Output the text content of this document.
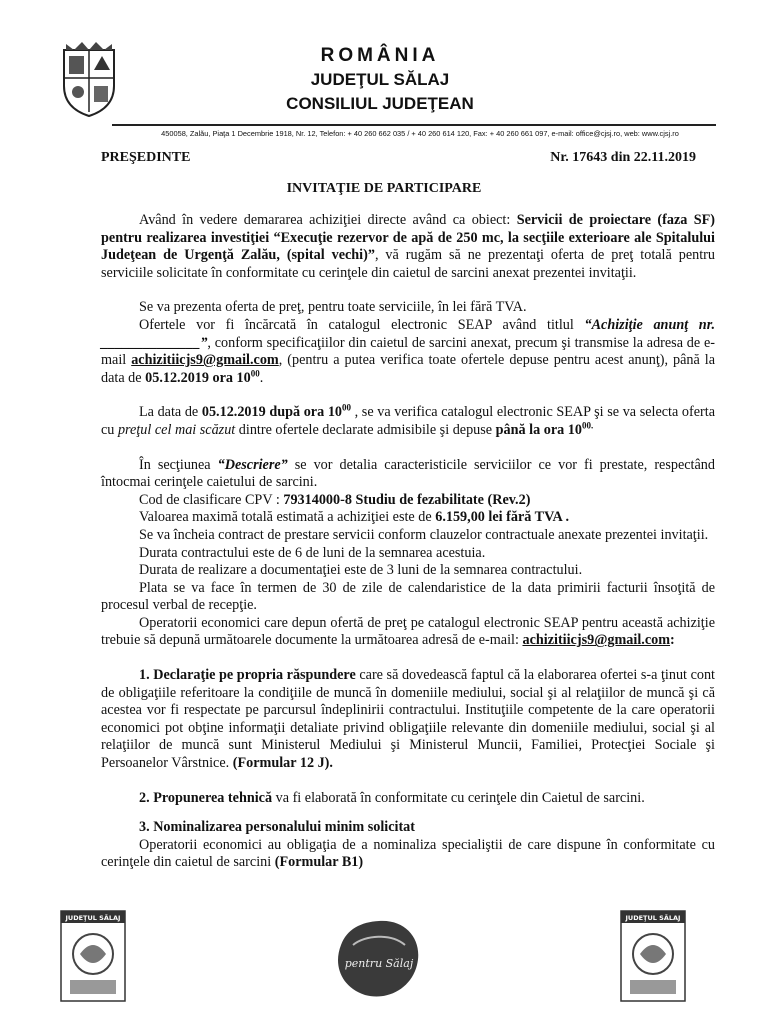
ROMÂNIA
JUDEŢUL SĂLAJ
CONSILIUL JUDEŢEAN
450058, Zalău, Piaţa 1 Decembrie 1918, Nr. 12, Telefon: + 40 260 662 035 / + 40 260 614 120, Fax: + 40 260 661 097, e-mail: office@cjsj.ro, web: www.cjsj.ro
PREŞEDINTE	Nr. 17643 din 22.11.2019
INVITAŢIE DE PARTICIPARE

Având în vedere demararea achiziţiei directe având ca obiect: Servicii de proiectare (faza SF) pentru realizarea investiţiei “Execuţie rezervor de apă de 250 mc, la secţiile exterioare ale Spitalului Judeţean de Urgenţă Zalău, (spital vechi)”, vă rugăm să ne prezentaţi oferta de preţ totală pentru serviciile solicitate în conformitate cu cerinţele din caietul de sarcini anexat prezentei invitaţii.

Se va prezenta oferta de preţ, pentru toate serviciile, în lei fără TVA.

Ofertele vor fi încărcată în catalogul electronic SEAP având titlul “Achiziţie anunţ nr. ______________”, conform specificaţiilor din caietul de sarcini anexat, precum şi transmise la adresa de e-mail achizitiicjs9@gmail.com, (pentru a putea verifica toate ofertele depuse pentru acest anunţ), până la data de 05.12.2019 ora $10^{00}$.

La data de 05.12.2019 după ora $10^{00}$ , se va verifica catalogul electronic SEAP şi se va selecta oferta cu preţul cel mai scăzut dintre ofertele declarate admisibile şi depuse până la ora $10^{00.}$

În secţiunea “Descriere” se vor detalia caracteristicile serviciilor ce vor fi prestate, respectând întocmai cerinţele caietului de sarcini.

Cod de clasificare CPV : 79314000-8 Studiu de fezabilitate (Rev.2)

Valoarea maximă totală estimată a achiziţiei este de 6.159,00 lei fără TVA .

Se va încheia contract de prestare servicii conform clauzelor contractuale anexate prezentei invitaţii.

Durata contractului este de 6 de luni de la semnarea acestuia.

Durata de realizare a documentaţiei este de 3 luni de la semnarea contractului.

Plata se va face în termen de 30 de zile de calendaristice de la data primirii facturii însoţită de procesul verbal de recepţie.

Operatorii economici care depun ofertă de preţ pe catalogul electronic SEAP pentru această achiziţie trebuie să depună următoarele documente la următoarea adresă de e-mail: achizitiicjs9@gmail.com:

1. Declaraţie pe propria răspundere care să dovedească faptul că la elaborarea ofertei s-a ţinut cont de obligaţiile referitoare la condiţiile de muncă în domeniile mediului, social şi al relaţiilor de muncă şi că acestea vor fi respectate pe parcursul îndeplinirii contractului. Instituţiile competente de la care operatorii economici pot obţine informaţii detaliate privind obligaţiile relevante din domeniile mediului, social şi al relaţiilor de muncă sunt Ministerul Mediului şi Ministerul Muncii, Familiei, Protecţiei Sociale şi Persoanelor Vârstnice. (Formular 12 J).

2. Propunerea tehnică va fi elaborată în conformitate cu cerinţele din Caietul de sarcini.

3. Nominalizarea personalului minim solicitat

Operatorii economici au obligaţia de a nominaliza specialiştii de care dispune în conformitate cu cerinţele din caietul de sarcini (Formular B1)

JUDEŢUL SĂLAJ
pentru Sălaj
JUDEŢUL SĂLAJ
